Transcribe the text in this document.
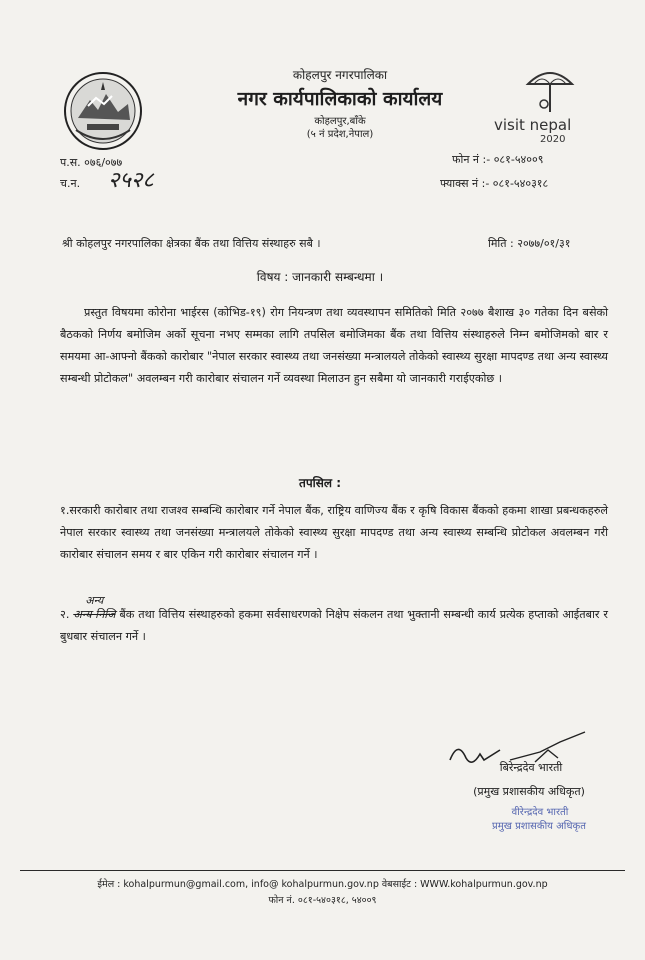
कोहलपुर नगरपालिका
नगर कार्यपालिकाको कार्यालय
कोहलपुर,बाँके
(५ नं प्रदेश,नेपाल)
visit nepal
2020
प.स. ०७६/०७७
च.न. २५२८
फोन नं :- ०८१-५४००९
फ्याक्स नं :- ०८१-५४०३१८
श्री कोहलपुर नगरपालिका क्षेत्रका बैंक तथा वित्तिय संस्थाहरु सबै ।	मिति : २०७७/०१/३१
विषय : जानकारी सम्बन्धमा ।
प्रस्तुत विषयमा कोरोना भाईरस (कोभिड-१९) रोग नियन्त्रण तथा व्यवस्थापन समितिको मिति २०७७ बैशाख ३० गतेका दिन बसेको बैठकको निर्णय बमोजिम अर्को सूचना नभए सम्मका लागि तपसिल बमोजिमका बैंक तथा वित्तिय संस्थाहरुले निम्न बमोजिमको बार र समयमा आ-आफ्नो बैंकको कारोबार "नेपाल सरकार स्वास्थ्य तथा जनसंख्या मन्त्रालयले तोकेको स्वास्थ्य सुरक्षा मापदण्ड तथा अन्य स्वास्थ्य सम्बन्धी प्रोटोकल" अवलम्बन गरी कारोबार संचालन गर्ने व्यवस्था मिलाउन हुन सबैमा यो जानकारी गराईएकोछ ।
तपसिल :
१.सरकारी कारोबार तथा राजश्व सम्बन्धि कारोबार गर्ने नेपाल बैंक, राष्ट्रिय वाणिज्य बैंक र कृषि विकास बैंकको हकमा शाखा प्रबन्धकहरुले नेपाल सरकार स्वास्थ्य तथा जनसंख्या मन्त्रालयले तोकेको स्वास्थ्य सुरक्षा मापदण्ड तथा अन्य स्वास्थ्य सम्बन्धि प्रोटोकल अवलम्बन गरी कारोबार संचालन समय र बार एकिन गरी कारोबार संचालन गर्ने ।
२. अन्य निजि
अन्य
बैंक तथा वित्तिय संस्थाहरुको हकमा सर्वसाधरणको निक्षेप संकलन तथा भुक्तानी सम्बन्धी कार्य प्रत्येक हप्ताको आईतबार र बुधबार संचालन गर्ने ।
बिरेन्द्रदेव भारती
(प्रमुख प्रशासकीय अधिकृत)
वीरेन्द्रदेव भारती
प्रमुख प्रशासकीय अधिकृत
ईमेल : kohalpurmun@gmail.com, info@ kohalpurmun.gov.np वेबसाईट : WWW.kohalpurmun.gov.np
फोन नं. ०८१-५४०३१८, ५४००९
